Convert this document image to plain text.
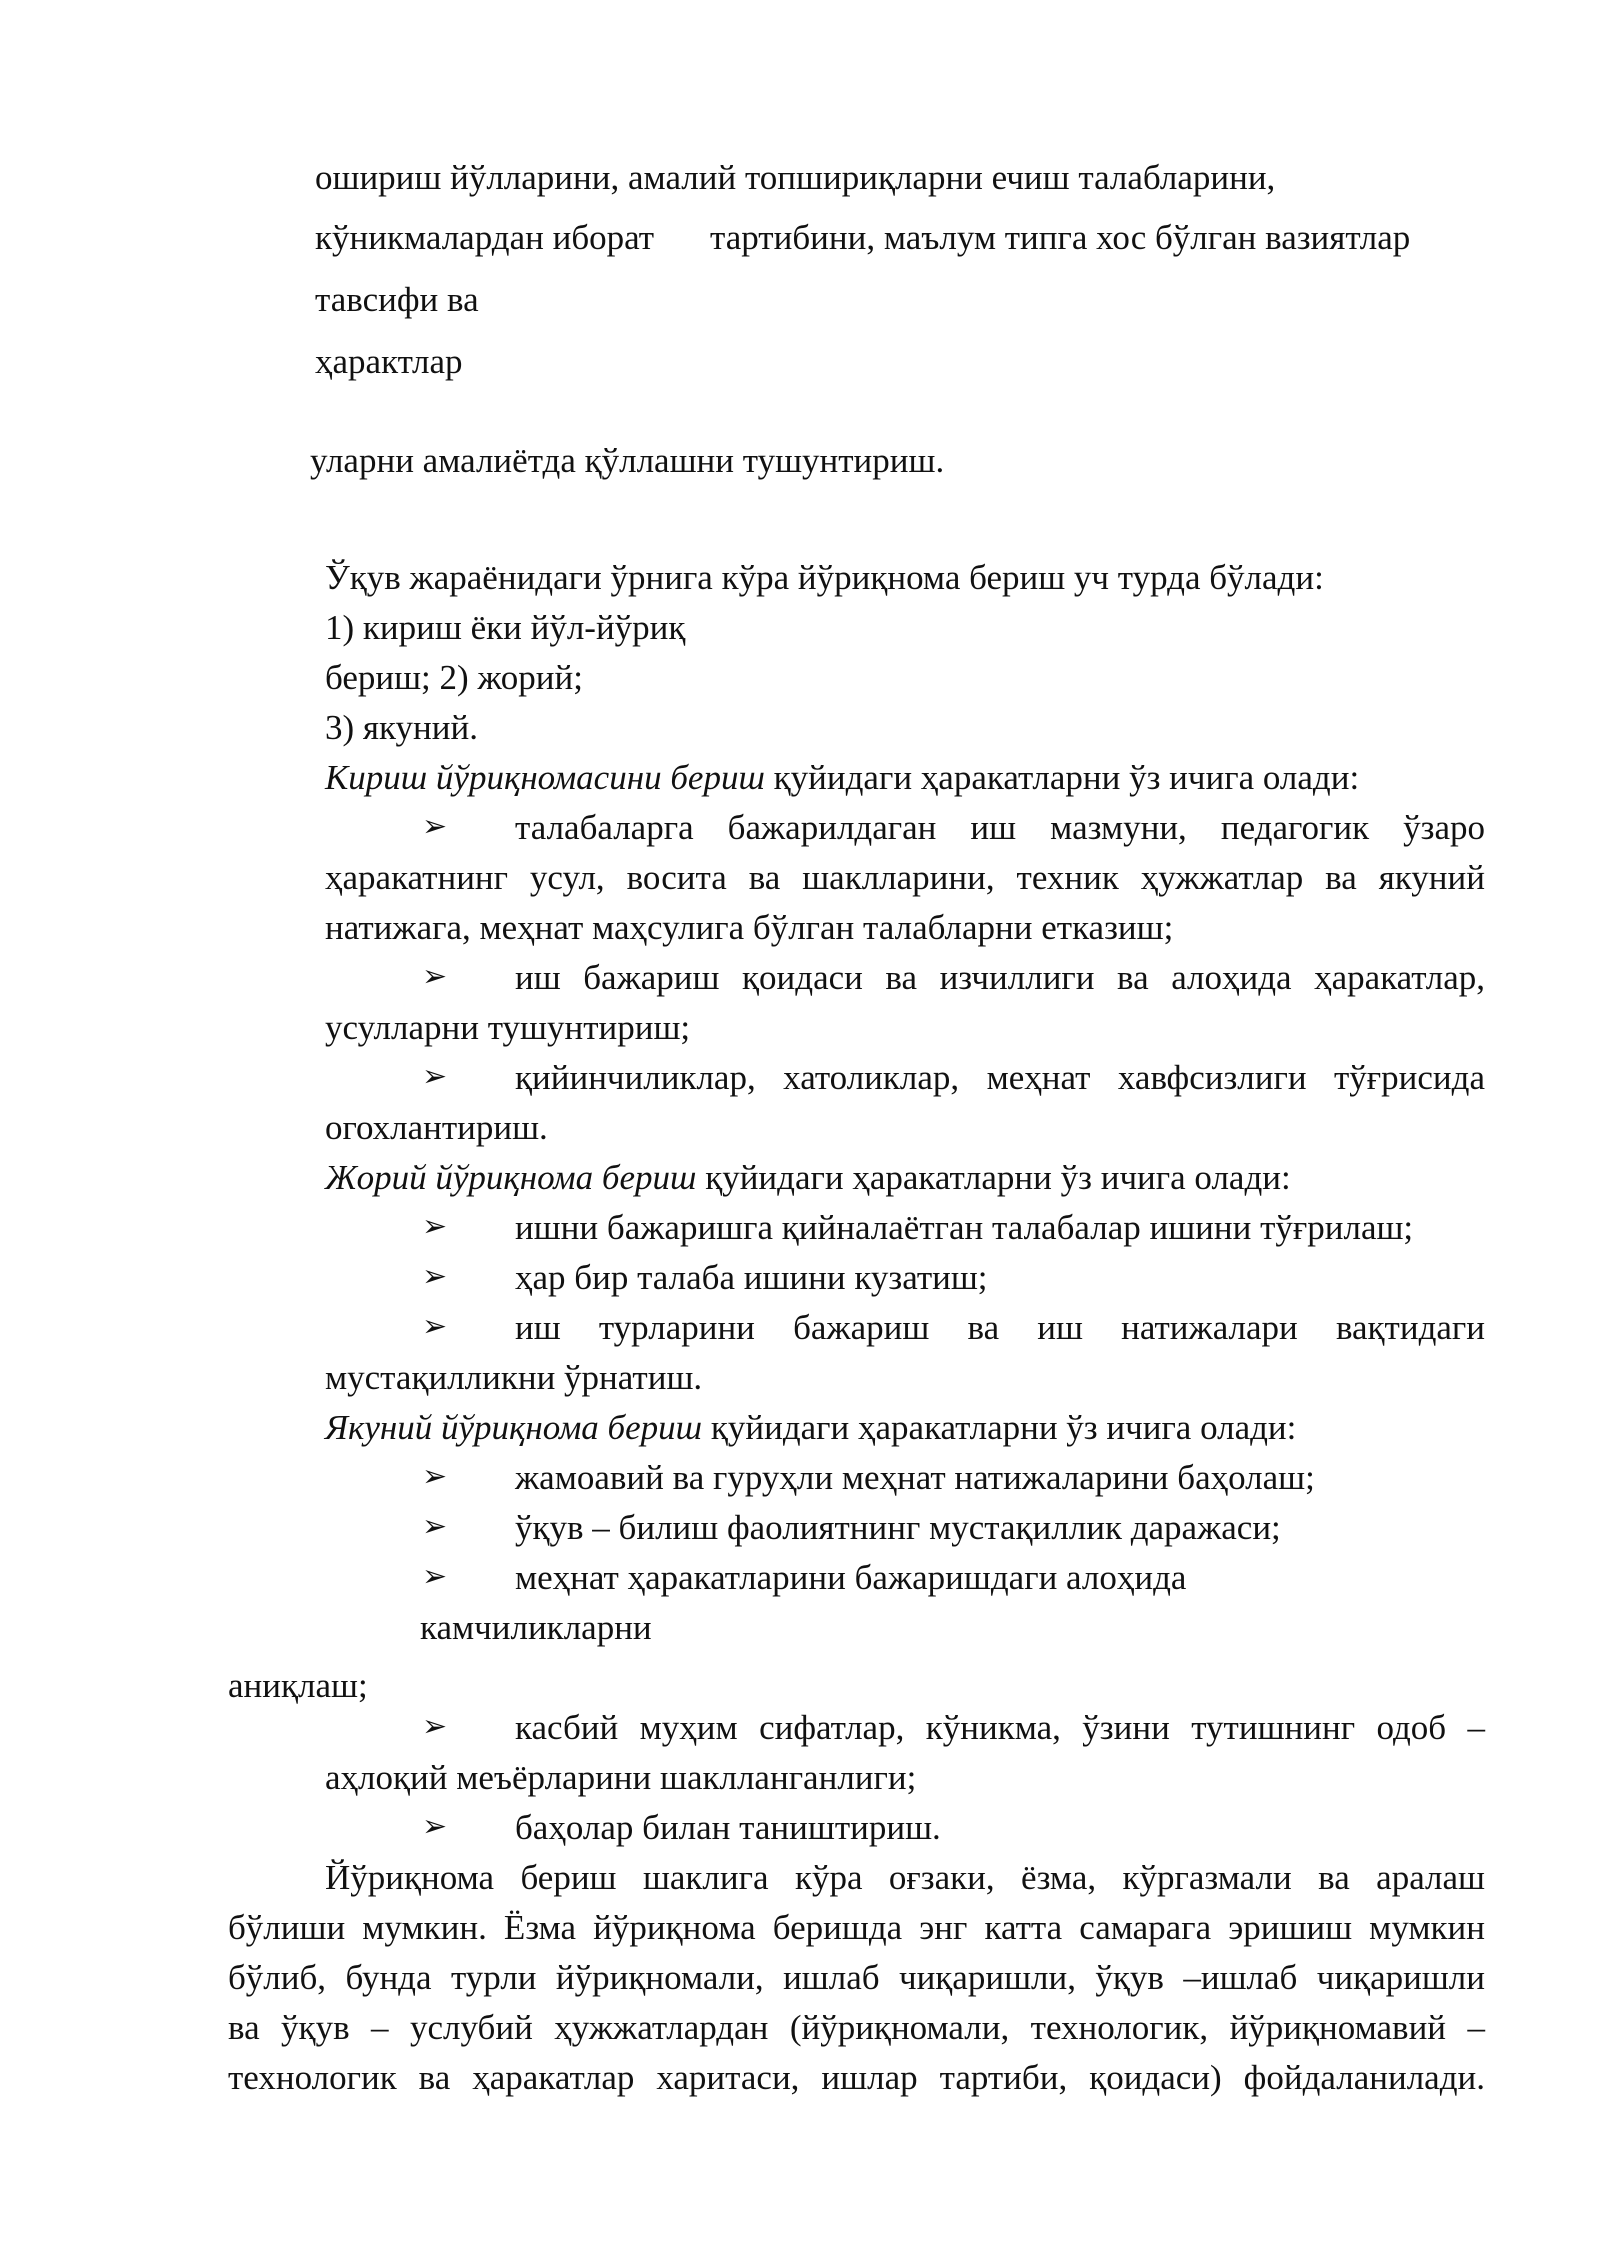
ошириш йўлларини, амалий топшириқларни ечиш талабларини,
кўникмалардан иборат тартибини, маълум типга хос бўлган вазиятлар
тавсифи ва
ҳарактлар
уларни амалиётда қўллашни тушунтириш.
Ўқув жараёнидаги ўрнига кўра йўриқнома бериш уч турда бўлади:
1) кириш ёки йўл-йўриқ
бериш; 2) жорий;
3) якуний.
Кириш йўриқномасини бериш қуйидаги ҳаракатларни ўз ичига олади:
➢ талабаларга бажарилдаган иш мазмуни, педагогик ўзаро
ҳаракатнинг усул, восита ва шаклларини, техник ҳужжатлар ва якуний
натижага, меҳнат маҳсулига бўлган талабларни етказиш;
➢ иш бажариш қоидаси ва изчиллиги ва алоҳида ҳаракатлар,
усулларни тушунтириш;
➢ қийинчиликлар, хатоликлар, меҳнат хавфсизлиги тўғрисида
огохлантириш.
Жорий йўриқнома бериш қуйидаги ҳаракатларни ўз ичига олади:
➢ ишни бажаришга қийналаётган талабалар ишини тўғрилаш;
➢ ҳар бир талаба ишини кузатиш;
➢ иш турларини бажариш ва иш натижалари вақтидаги
мустақилликни ўрнатиш.
Якуний йўриқнома бериш қуйидаги ҳаракатларни ўз ичига олади:
➢ жамоавий ва гуруҳли меҳнат натижаларини баҳолаш;
➢ ўқув – билиш фаолиятнинг мустақиллик даражаси;
➢ меҳнат ҳаракатларини бажаришдаги алоҳида
камчиликларни
аниқлаш;
➢ касбий муҳим сифатлар, кўникма, ўзини тутишнинг одоб –
аҳлоқий меъёрларини шаклланганлиги;
➢ баҳолар билан таништириш.
Йўриқнома бериш шаклига кўра оғзаки, ёзма, кўргазмали ва аралаш
бўлиши мумкин. Ёзма йўриқнома беришда энг катта самарага эришиш мумкин
бўлиб, бунда турли йўриқномали, ишлаб чиқаришли, ўқув –ишлаб чиқаришли
ва ўқув – услубий ҳужжатлардан (йўриқномали, технологик, йўриқномавий –
технологик ва ҳаракатлар харитаси, ишлар тартиби, қоидаси) фойдаланилади.
